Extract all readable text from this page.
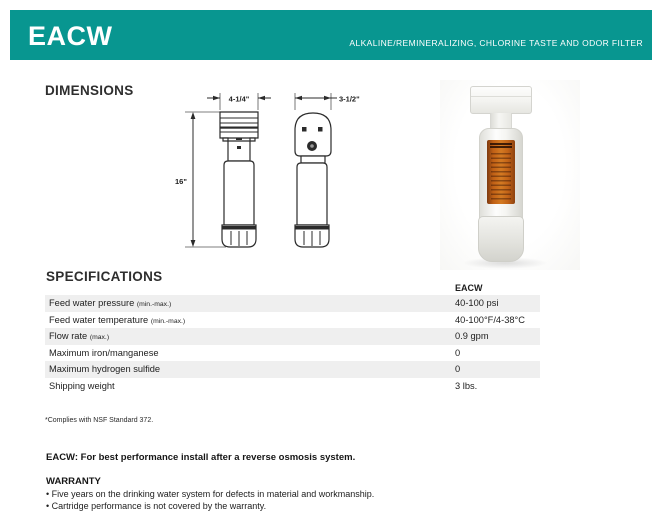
EACW	ALKALINE/REMINERALIZING, CHLORINE TASTE AND ODOR FILTER
DIMENSIONS
4-1/4"
16"
3-1/2"
SPECIFICATIONS
EACW
Feed water pressure (min.-max.)	40-100 psi
Feed water temperature (min.-max.)	40-100°F/4-38°C
Flow rate (max.)	0.9 gpm
Maximum iron/manganese	0
Maximum hydrogen sulfide	0
Shipping weight	3 lbs.
*Complies with NSF Standard 372.
EACW: For best performance install after a reverse osmosis system.
WARRANTY
• Five years on the drinking water system for defects in material and workmanship.
• Cartridge performance is not covered by the warranty.
